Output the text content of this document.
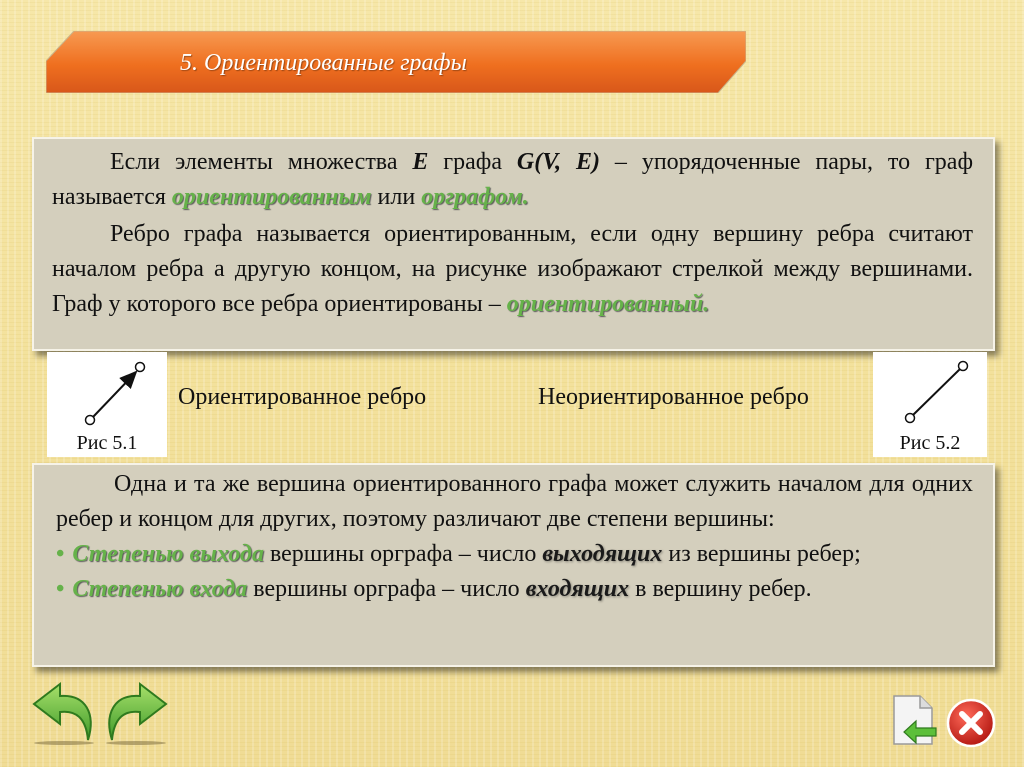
5. Ориентированные графы

Если элементы множества E графа G(V, E) – упорядоченные пары, то граф называется ориентированным или орграфом.

Ребро графа называется ориентированным, если одну вершину ребра считают началом ребра а другую концом, на рисунке изображают стрелкой между вершинами. Граф у которого все ребра ориентированы – ориентированный.

Рис 5.1
Ориентированное ребро	Неориентированное ребро
Рис 5.2

Одна и та же вершина ориентированного графа может служить началом для одних ребер и концом для других, поэтому различают две степени вершины:

• Степенью выхода вершины орграфа – число выходящих из вершины ребер;

• Степенью входа вершины орграфа – число входящих в вершину ребер.
